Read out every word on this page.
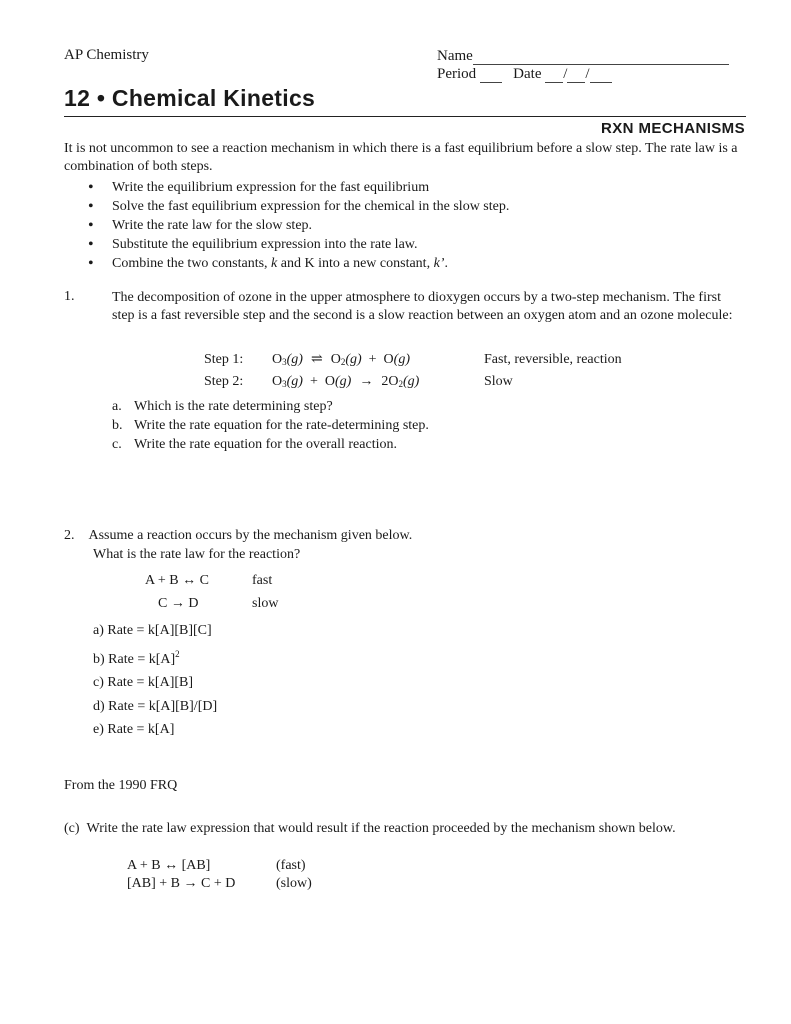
AP Chemistry	Name
Period Date / /
12 • Chemical Kinetics
RXN MECHANISMS
It is not uncommon to see a reaction mechanism in which there is a fast equilibrium before a slow step. The rate law is a combination of both steps.
• Write the equilibrium expression for the fast equilibrium
• Solve the fast equilibrium expression for the chemical in the slow step.
• Write the rate law for the slow step.
• Substitute the equilibrium expression into the rate law.
• Combine the two constants, k and K into a new constant, k’.
1.	The decomposition of ozone in the upper atmosphere to dioxygen occurs by a two-step mechanism. The first step is a fast reversible step and the second is a slow reaction between an oxygen atom and an ozone molecule:
Step 1:	$O_3(g)$ ⇌ $O_2(g) + O(g)$	Fast, reversible, reaction
Step 2:	$O_3(g) + O(g) \to 2O_2(g)$	Slow
a. Which is the rate determining step?
b. Write the rate equation for the rate-determining step.
c. Write the rate equation for the overall reaction.
2. Assume a reaction occurs by the mechanism given below.
What is the rate law for the reaction?
A + B ↔ C	fast
C → D	slow
a) Rate = k[A][B][C]
b) Rate = $k[A]^2$
c) Rate = k[A][B]
d) Rate = k[A][B]/[D]
e) Rate = k[A]
From the 1990 FRQ
(c) Write the rate law expression that would result if the reaction proceeded by the mechanism shown below.
A + B ↔ [AB]	(fast)
[AB] + B → C + D	(slow)
